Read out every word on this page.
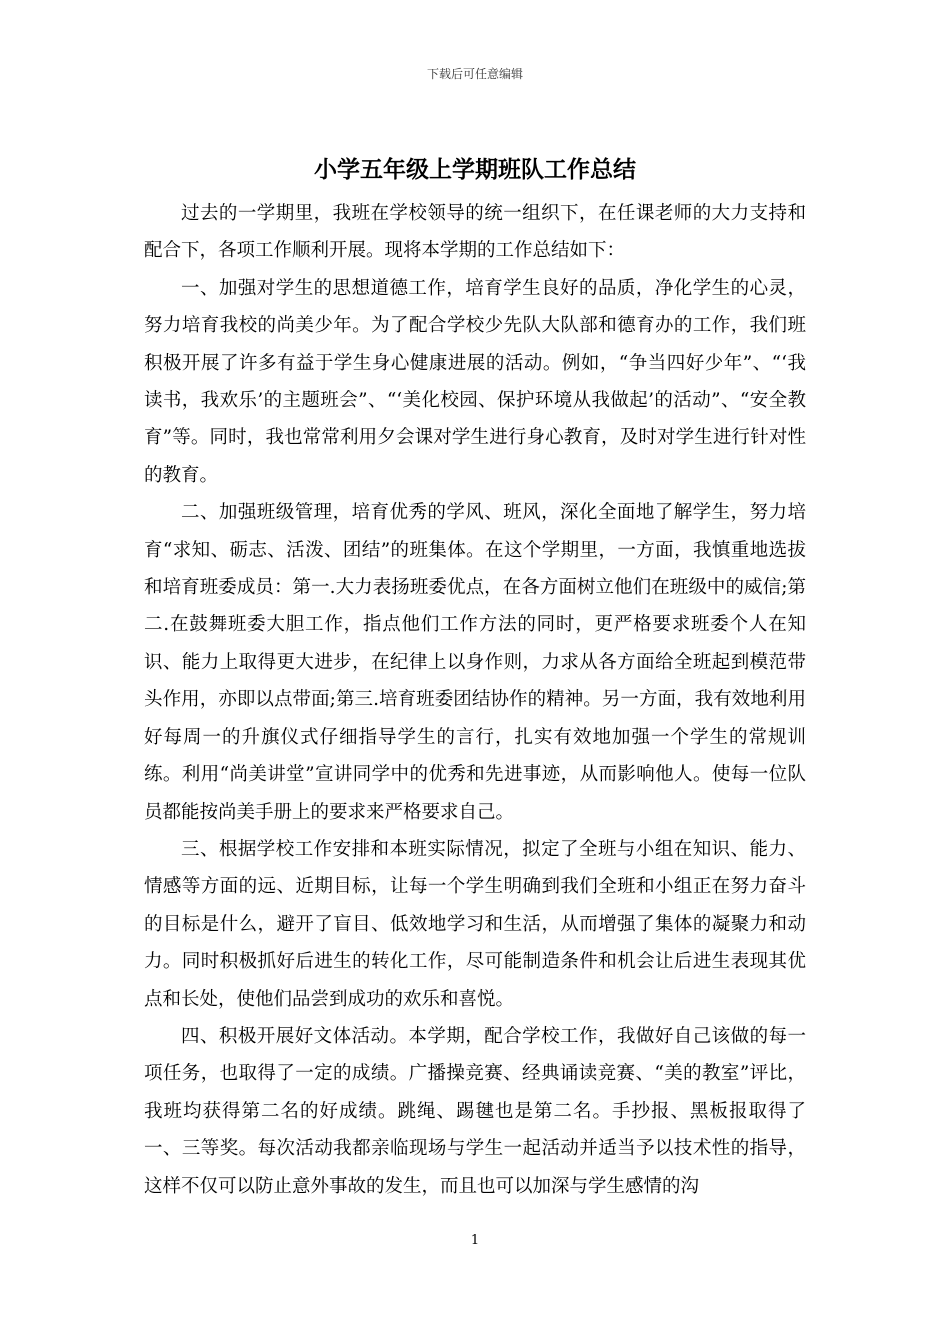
下载后可任意编辑
小学五年级上学期班队工作总结

过去的一学期里，我班在学校领导的统一组织下，在任课老师的大力支持和配合下，各项工作顺利开展。现将本学期的工作总结如下：

一、加强对学生的思想道德工作，培育学生良好的品质，净化学生的心灵，努力培育我校的尚美少年。为了配合学校少先队大队部和德育办的工作，我们班积极开展了许多有益于学生身心健康进展的活动。例如，“争当四好少年”、“‘我读书，我欢乐’的主题班会”、“‘美化校园、保护环境从我做起’的活动”、“安全教育”等。同时，我也常常利用夕会课对学生进行身心教育，及时对学生进行针对性的教育。

二、加强班级管理，培育优秀的学风、班风，深化全面地了解学生，努力培育“求知、砺志、活泼、团结”的班集体。在这个学期里，一方面，我慎重地选拔和培育班委成员：第一.大力表扬班委优点，在各方面树立他们在班级中的威信;第二.在鼓舞班委大胆工作，指点他们工作方法的同时，更严格要求班委个人在知识、能力上取得更大进步，在纪律上以身作则，力求从各方面给全班起到模范带头作用，亦即以点带面;第三.培育班委团结协作的精神。另一方面，我有效地利用好每周一的升旗仪式仔细指导学生的言行，扎实有效地加强一个学生的常规训练。利用“尚美讲堂”宣讲同学中的优秀和先进事迹，从而影响他人。使每一位队员都能按尚美手册上的要求来严格要求自己。

三、根据学校工作安排和本班实际情况，拟定了全班与小组在知识、能力、情感等方面的远、近期目标，让每一个学生明确到我们全班和小组正在努力奋斗的目标是什么，避开了盲目、低效地学习和生活，从而增强了集体的凝聚力和动力。同时积极抓好后进生的转化工作，尽可能制造条件和机会让后进生表现其优点和长处，使他们品尝到成功的欢乐和喜悦。

四、积极开展好文体活动。本学期，配合学校工作，我做好自己该做的每一项任务，也取得了一定的成绩。广播操竞赛、经典诵读竞赛、“美的教室”评比，我班均获得第二名的好成绩。跳绳、踢毽也是第二名。手抄报、黑板报取得了一、三等奖。每次活动我都亲临现场与学生一起活动并适当予以技术性的指导，这样不仅可以防止意外事故的发生，而且也可以加深与学生感情的沟

1
